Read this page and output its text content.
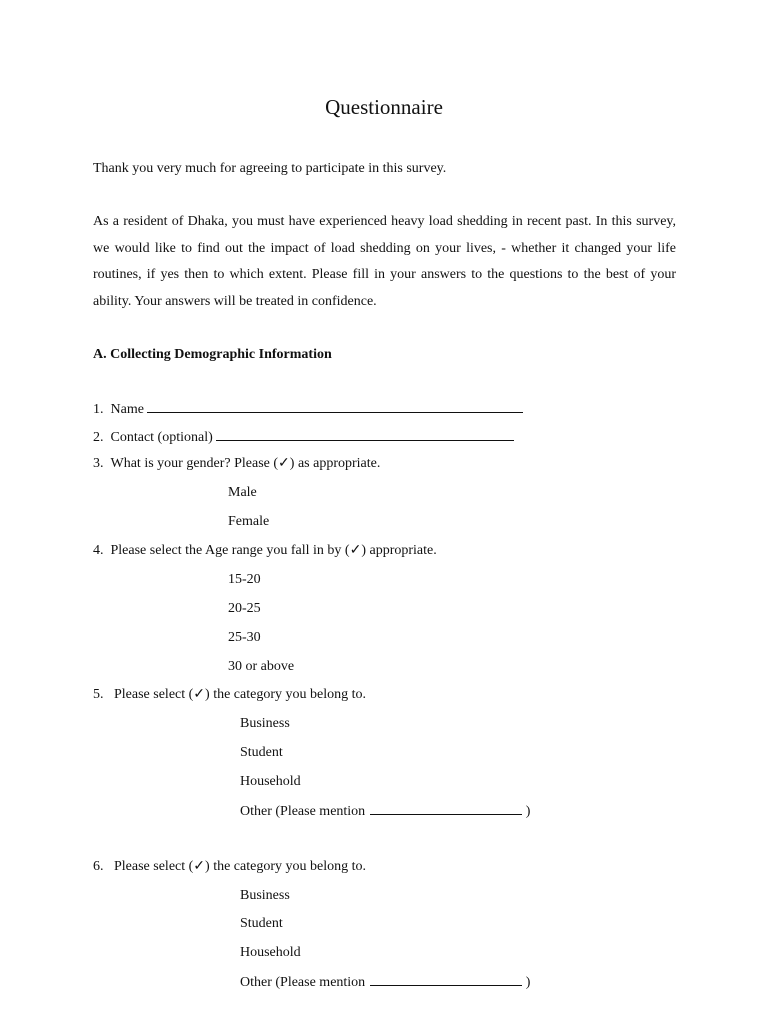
Questionnaire
Thank you very much for agreeing to participate in this survey.
As a resident of Dhaka, you must have experienced heavy load shedding in recent past. In this survey, we would like to find out the impact of load shedding on your lives, - whether it changed your life routines, if yes then to which extent. Please fill in your answers to the questions to the best of your ability. Your answers will be treated in confidence.
A. Collecting Demographic Information
1. Name
2. Contact (optional)
3. What is your gender? Please (✓) as appropriate.
Male
Female
4. Please select the Age range you fall in by (✓) appropriate.
15-20
20-25
25-30
30 or above
5. Please select (✓) the category you belong to.
Business
Student
Household
Other (Please mention	)
6. Please select (✓) the category you belong to.
Business
Student
Household
Other (Please mention	)
